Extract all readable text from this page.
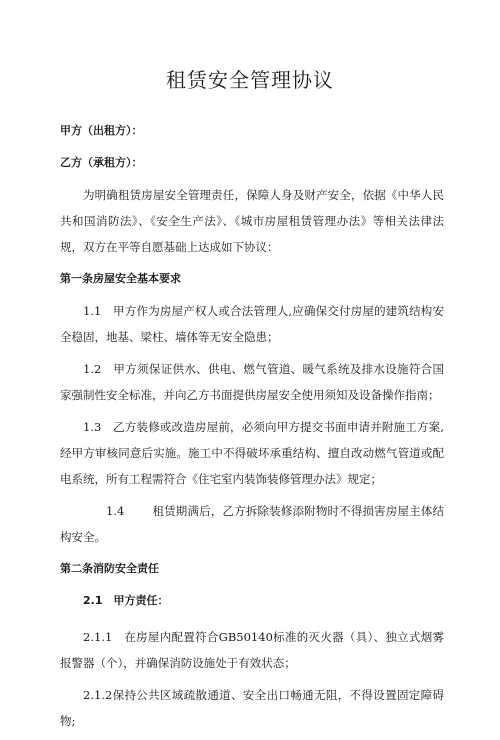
租赁安全管理协议

甲方（出租方）：

乙方（承租方）：

为明确租赁房屋安全管理责任，保障人身及财产安全，依据《中华人民共和国消防法》、《安全生产法》、《城市房屋租赁管理办法》等相关法律法规，双方在平等自愿基础上达成如下协议：

第一条房屋安全基本要求

1.1　甲方作为房屋产权人或合法管理人,应确保交付房屋的建筑结构安全稳固，地基、梁柱、墙体等无安全隐患；

1.2　甲方须保证供水、供电、燃气管道、暖气系统及排水设施符合国家强制性安全标准，并向乙方书面提供房屋安全使用须知及设备操作指南；

1.3　乙方装修或改造房屋前，必须向甲方提交书面申请并附施工方案,经甲方审核同意后实施。施工中不得破坏承重结构、擅自改动燃气管道或配电系统，所有工程需符合《住宅室内装饰装修管理办法》规定；

1.4 租赁期满后，乙方拆除装修添附物时不得损害房屋主体结构安全。

第二条消防安全责任

2.1　甲方责任：

2.1.1　在房屋内配置符合GB50140标准的灭火器（具）、独立式烟雾报警器（个），并确保消防设施处于有效状态；

2.1.2保持公共区域疏散通道、安全出口畅通无阻，不得设置固定障碍物;
